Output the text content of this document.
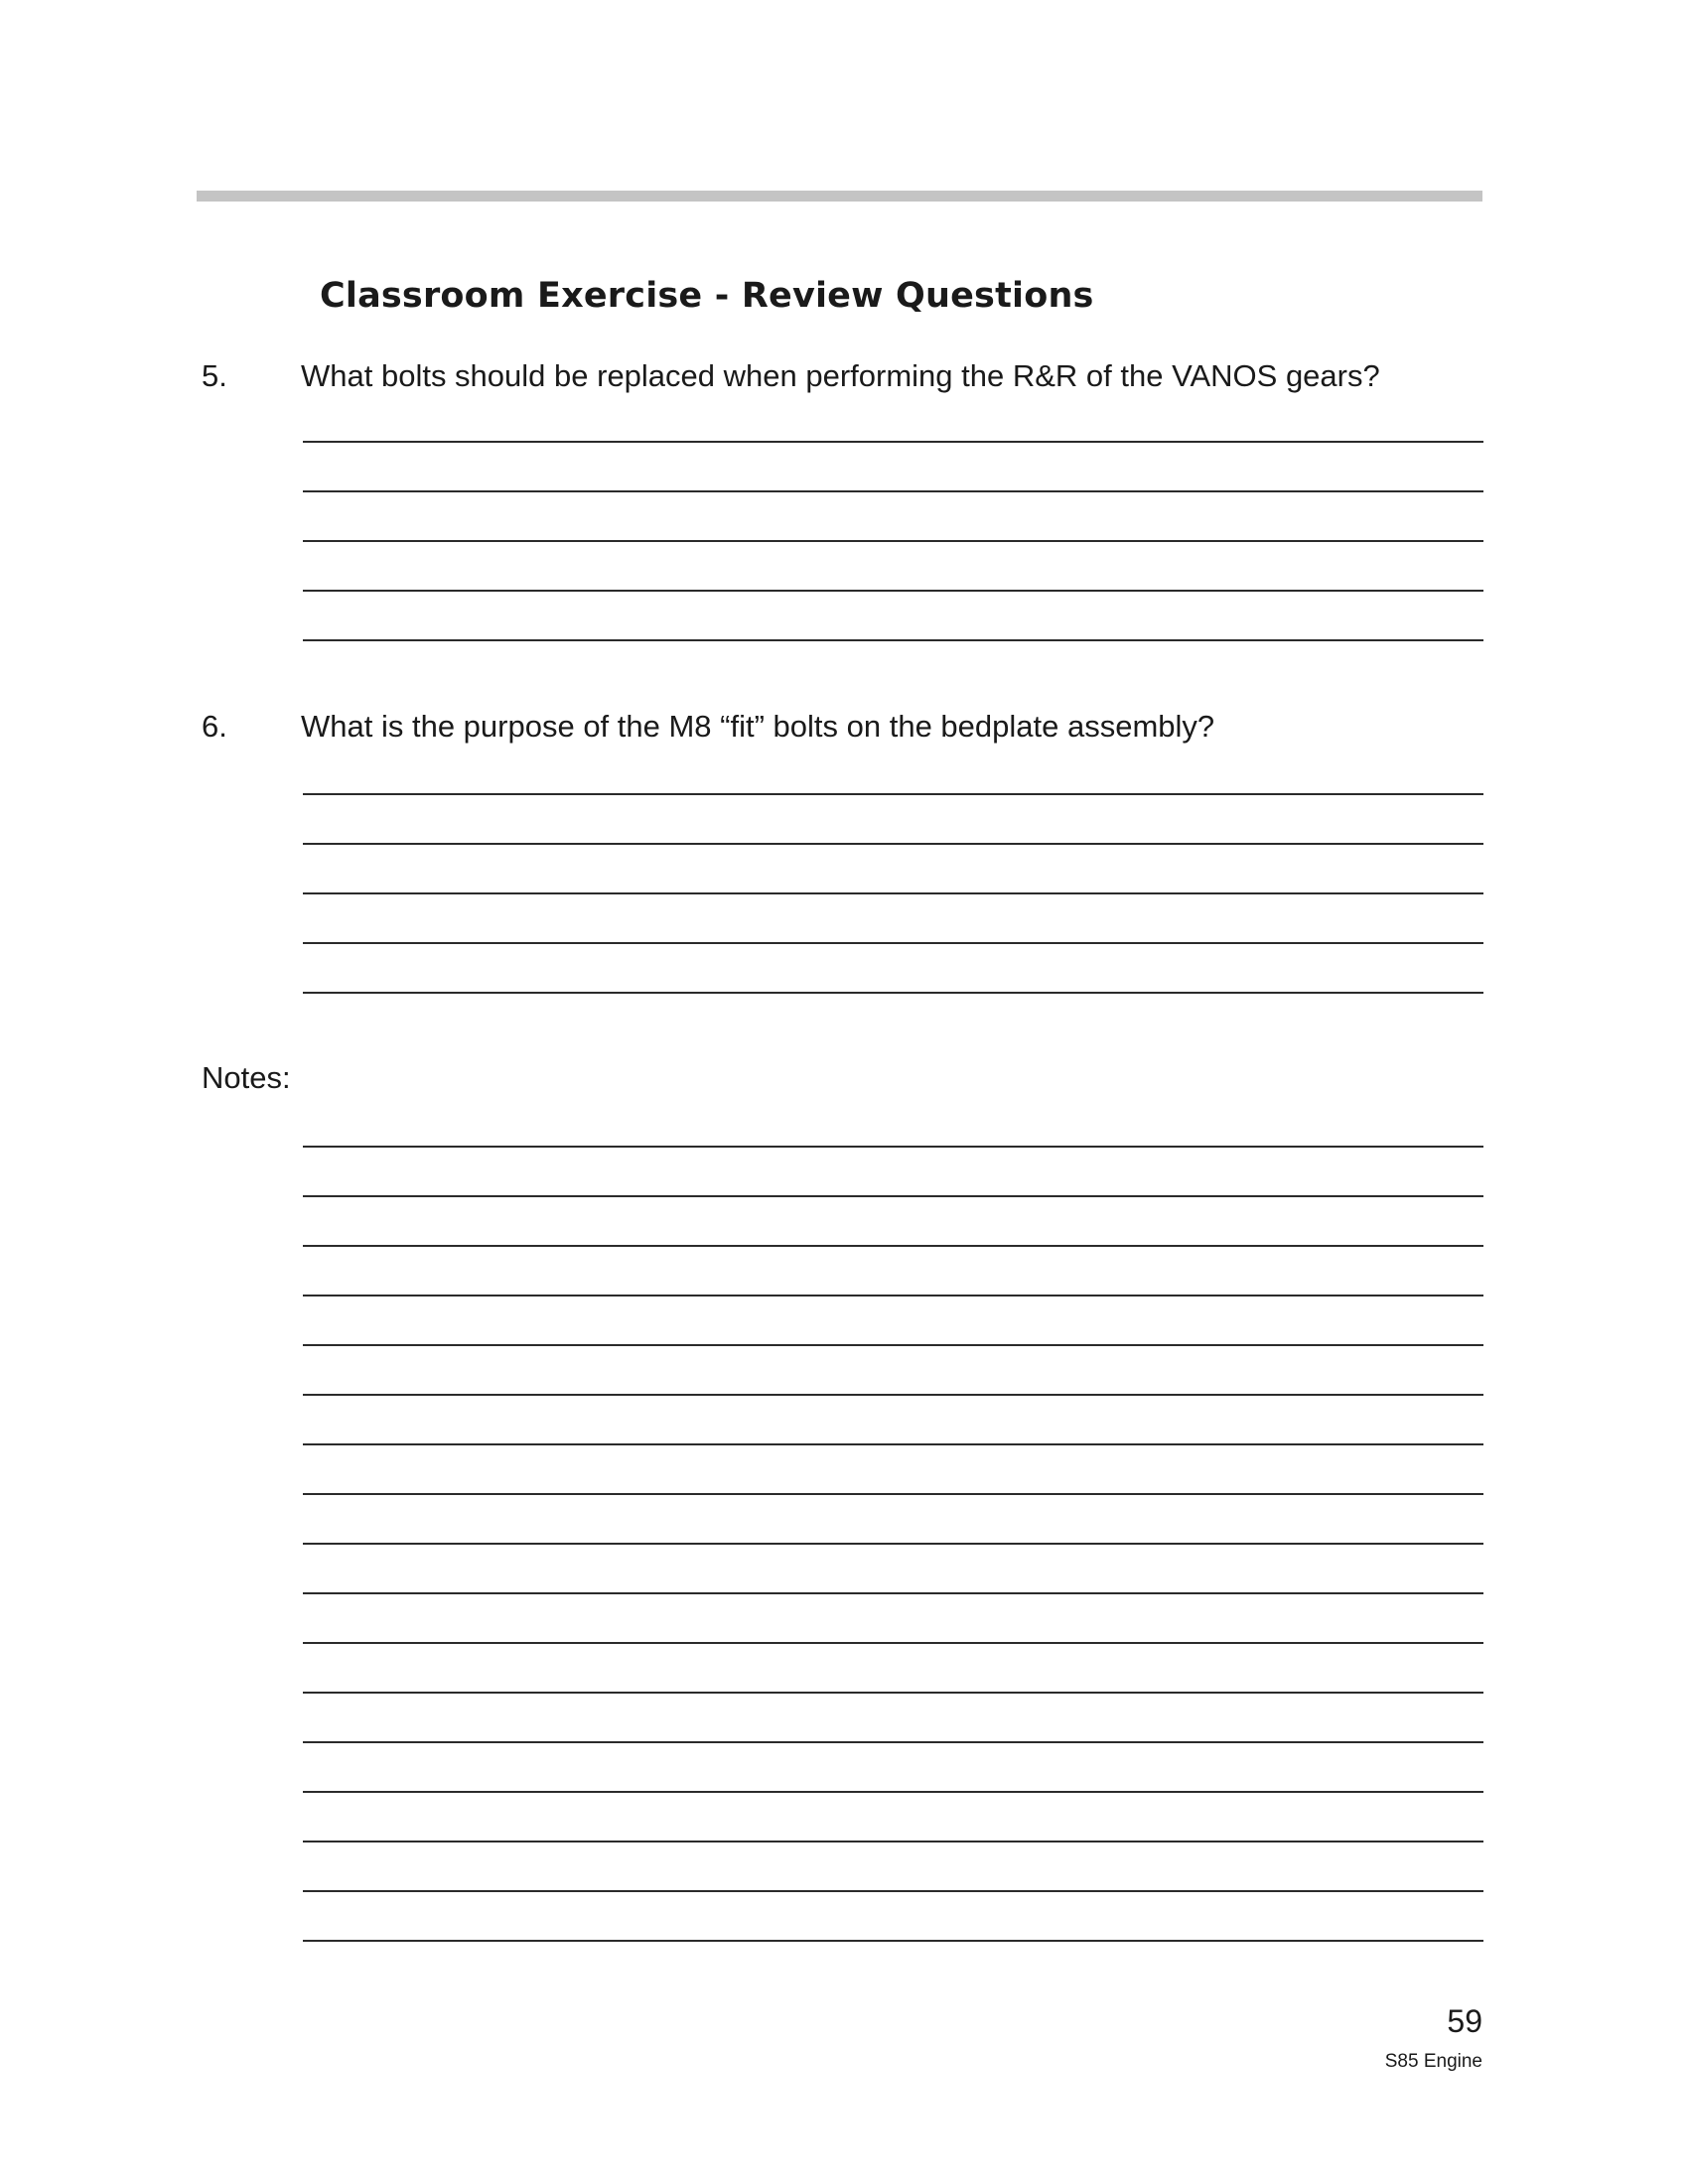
Classroom Exercise - Review Questions
5. What bolts should be replaced when performing the R&R of the VANOS gears?
6. What is the purpose of the M8 “fit” bolts on the bedplate assembly?
Notes:
59
S85 Engine
